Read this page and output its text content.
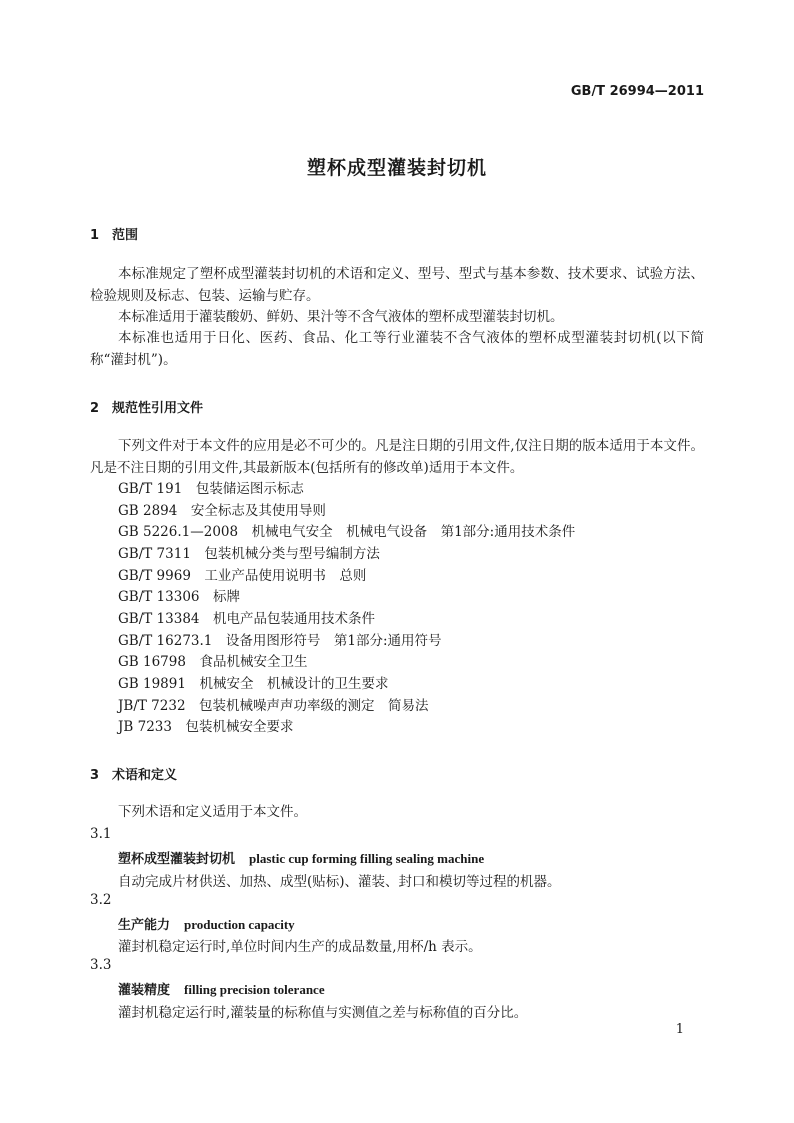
GB/T 26994—2011
塑杯成型灌装封切机
1 范围
本标准规定了塑杯成型灌装封切机的术语和定义、型号、型式与基本参数、技术要求、试验方法、检验规则及标志、包装、运输与贮存。
本标准适用于灌装酸奶、鲜奶、果汁等不含气液体的塑杯成型灌装封切机。
本标准也适用于日化、医药、食品、化工等行业灌装不含气液体的塑杯成型灌装封切机(以下简称“灌封机”)。
2 规范性引用文件
下列文件对于本文件的应用是必不可少的。凡是注日期的引用文件,仅注日期的版本适用于本文件。凡是不注日期的引用文件,其最新版本(包括所有的修改单)适用于本文件。
GB/T 191　包装储运图示标志
GB 2894　安全标志及其使用导则
GB 5226.1—2008　机械电气安全　机械电气设备　第1部分:通用技术条件
GB/T 7311　包装机械分类与型号编制方法
GB/T 9969　工业产品使用说明书　总则
GB/T 13306　标牌
GB/T 13384　机电产品包装通用技术条件
GB/T 16273.1　设备用图形符号　第1部分:通用符号
GB 16798　食品机械安全卫生
GB 19891　机械安全　机械设计的卫生要求
JB/T 7232　包装机械噪声声功率级的测定　简易法
JB 7233　包装机械安全要求
3 术语和定义
下列术语和定义适用于本文件。
3.1
塑杯成型灌装封切机 plastic cup forming filling sealing machine
自动完成片材供送、加热、成型(贴标)、灌装、封口和模切等过程的机器。
3.2
生产能力 production capacity
灌封机稳定运行时,单位时间内生产的成品数量,用杯/h 表示。
3.3
灌装精度 filling precision tolerance
灌封机稳定运行时,灌装量的标称值与实测值之差与标称值的百分比。
1
